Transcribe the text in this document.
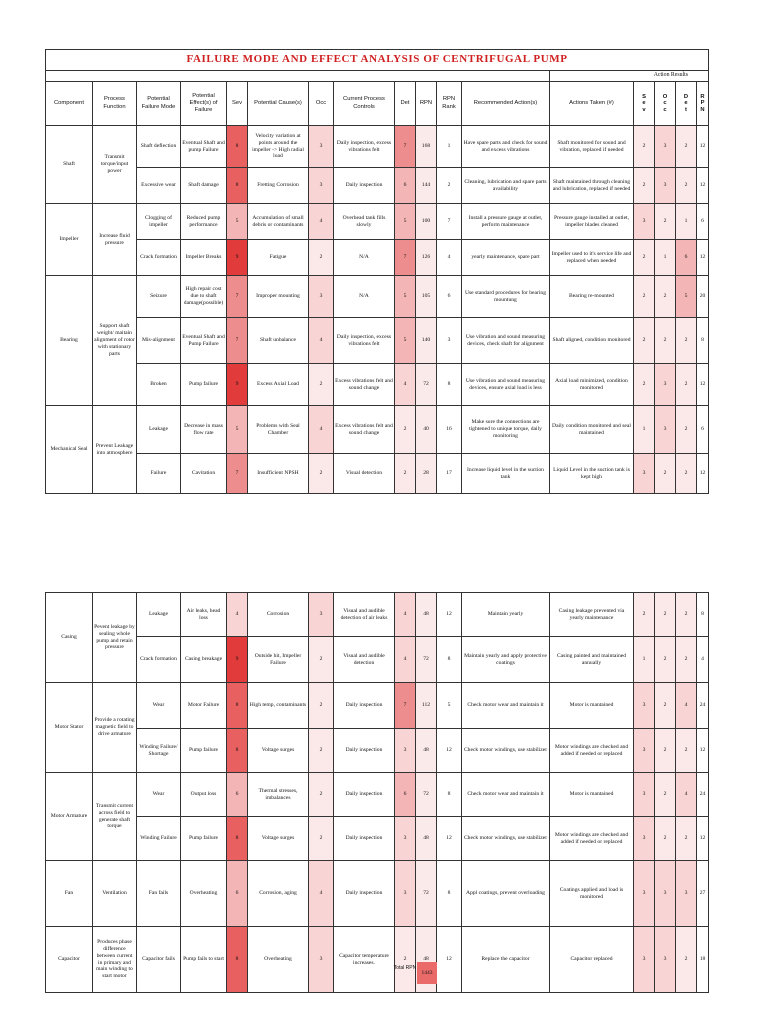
FAILURE MODE AND EFFECT ANALYSIS OF CENTRIFUGAL PUMP																
												Action Results				
Component	Process Function	Potential Failure Mode	Potential Effect(s) of Failure	Sev	Potential Cause(s)	Occ	Current Process Controls	Det	RPN	RPN Rank	Recommended Action(s)	Actions Taken (#)	S e v	O c c	D e t	R P N
Shaft	Transmit torque/input power	Shaft deflection	Eventual Shaft and pump Failure	8	Velocity variation at points around the impeller -> High radial load	3	Daily inspection, excess vibrations felt	7	168	1	Have spare parts and check for sound and excess vibrations	Shaft monitored for sound and vibration, replaced if needed	2	3	2	12
		Excessive wear	Shaft damage	8	Fretting Corrosion	3	Daily inspection	6	144	2	Cleaning, lubrication and spare parts availability	Shaft maintained through cleaning and lubrication, replaced if needed	2	3	2	12
Impeller	Increase fluid pressure	Clogging of impeller	Reduced pump performance	5	Accumulation of small debris or contaminants	4	Overhead tank fills slowly	5	100	7	Install a pressure gauge at outlet, perform maintenance	Pressure gauge installed at outlet, impeller blades cleaned	3	2	1	6
		Crack formation	Impeller Breaks	9	Fatigue	2	N/A	7	126	4	yearly maintenance, spare part	Impeller used to it's service life and replaced when needed	2	1	6	12
Bearing	Support shaft weight/ maitain alignment of rotor with stationary parts	Seizure	High repair cost due to shaft damage(possible)	7	Improper mounting	3	N/A	5	105	6	Use standard procedures for bearing mountung	Bearing re-mounted	2	2	5	20
		Mis-alignment	Eventual Shaft and Pump Failure	7	Shaft unbalance	4	Daily inspection, excess vibrations felt	5	140	3	Use vibration and sound measuring devices, check shaft for alignment	Shaft aligned, condition monitored	2	2	2	8
		Broken	Pump failure	9	Excess Axial Load	2	Excess vibrations felt and sound change	4	72	8	Use vibration and sound measuring devices, ensure axial load is less	Axial load minimized, condition monitored	2	3	2	12
Mechanical Seal	Prevent Leakage into atmosphere	Leakage	Decrease in mass flow rate	5	Problems with Seal Chamber	4	Excess vibrations felt and sound change	2	40	16	Make sure the connections are tightened to unique torque, daily monitoring	Daily condition monitored and seal maintained	1	3	2	6
		Failure	Cavitation	7	Insufficient NPSH	2	Visual detection	2	28	17	Increase liquid level in the suction tank	Liquid Level in the suction tank is kept high	3	2	2	12
Casing	Pevent leakage by sealing whole pump and retain pressure	Leakage	Air leaks, head loss	4	Corrosion	3	Visual and audible detection of air leaks	4	48	12	Maintain yearly	Casing leakage prevented via yearly maintenance	2	2	2	8
		Crack formation	Casing breakage	9	Outside hit, Impeller Failure	2	Visual and audible detection	4	72	8	Maintain yearly and apply protective coatings	Casing painted and maintained annually	1	2	2	4
Motor Stator	Provide a rotating magnetic field to drive armature	Wear	Motor Failure	8	High temp, contaminants	2	Daily inspection	7	112	5	Check motor wear and maintain it	Motor is mantained	3	2	4	24
		Winding Failure/ Shortage	Pump failure	8	Voltage surges	2	Daily inspection	3	48	12	Check motor windings, use stabilizer	Motor windings are checked and added if needed or replaced	3	2	2	12
Motor Armature	Transmit current across field to generate shaft torque	Wear	Output loss	6	Thermal stresses, imbalances	2	Daily inspection	6	72	8	Check motor wear and maintain it	Motor is mantained	3	2	4	24
		Winding Failure	Pump failure	8	Voltage surges	2	Daily inspection	3	48	12	Check motor windings, use stabilizer	Motor windings are checked and added if needed or replaced	3	2	2	12
Fan	Ventilation	Fan fails	Overheating	6	Corrosion, aging	4	Daily inspection	3	72	8	Appl coatings, prevent overloading	Coatings applied and load is monitored	3	3	3	27
Capacitor	Produces phase difference between current in primary and main winding to start motor	Capacitor fails	Pump fails to start	8	Overheating	3	Capacitor temperature increases.	2	48	12	Replace the capacitor	Capacitor replaced	3	3	2	18
Total RPN
1443
